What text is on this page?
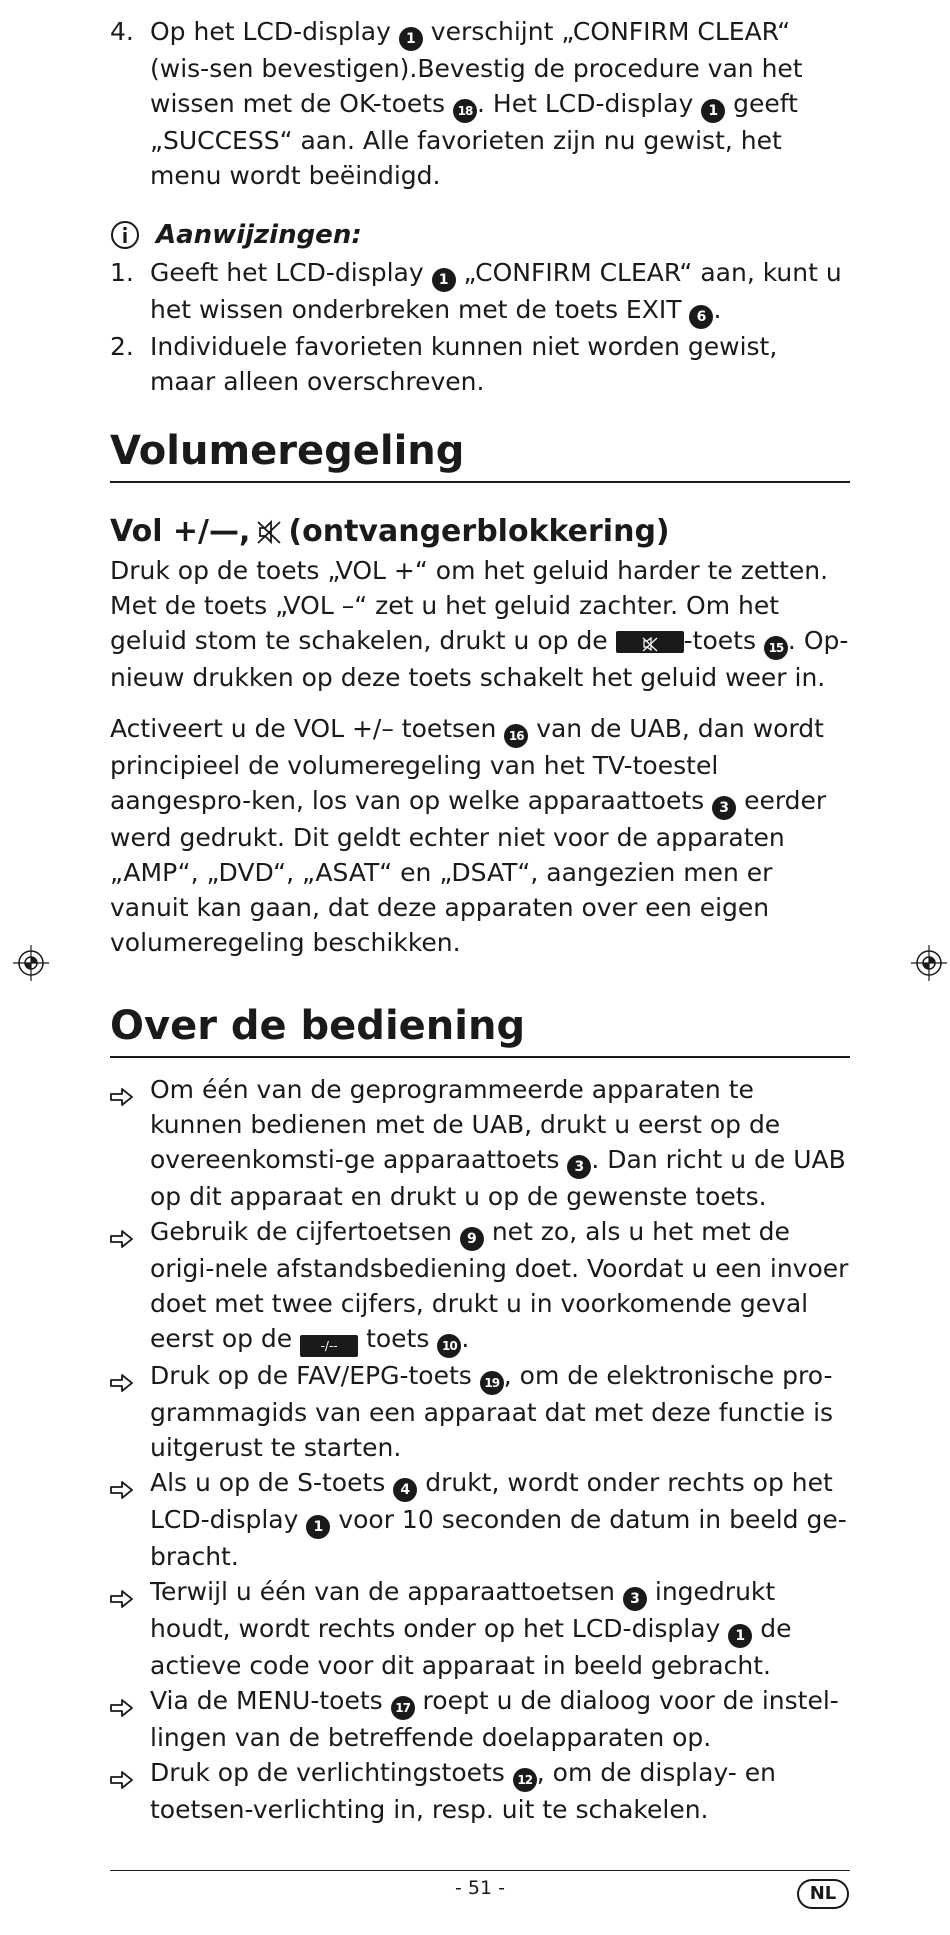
4. Op het LCD-display 1 verschijnt „CONFIRM CLEAR“ (wis-sen bevestigen).Bevestig de procedure van het wissen met de OK-toets 18 . Het LCD-display 1 geeft „SUCCESS“ aan. Alle favorieten zijn nu gewist, het menu wordt beëindigd.
Aanwijzingen:
1. Geeft het LCD-display 1 „CONFIRM CLEAR“ aan, kunt u het wissen onderbreken met de toets EXIT 6 .
2. Individuele favorieten kunnen niet worden gewist, maar alleen overschreven.
Volumeregeling
Vol +/—, (ontvangerblokkering)

Druk op de toets „VOL +“ om het geluid harder te zetten. Met de toets „VOL –“ zet u het geluid zachter. Om het geluid stom te schakelen, drukt u op de	-toets 15 . Op-nieuw drukken op deze toets schakelt het geluid weer in.

Activeert u de VOL +/– toetsen 16 van de UAB, dan wordt principieel de volumeregeling van het TV-toestel aangespro-ken, los van op welke apparaattoets 3 eerder werd gedrukt. Dit geldt echter niet voor de apparaten „AMP“, „DVD“, „ASAT“ en „DSAT“, aangezien men er vanuit kan gaan, dat deze apparaten over een eigen volumeregeling beschikken.

Over de bediening
Om één van de geprogrammeerde apparaten te kunnen bedienen met de UAB, drukt u eerst op de overeenkomsti-ge apparaattoets 3 . Dan richt u de UAB op dit apparaat en drukt u op de gewenste toets.
Gebruik de cijfertoetsen 9 net zo, als u het met de origi-nele afstandsbediening doet. Voordat u een invoer doet met twee cijfers, drukt u in voorkomende geval eerst op de -/-- toets 10 .
Druk op de FAV/EPG-toets 19 , om de elektronische pro-grammagids van een apparaat dat met deze functie is uitgerust te starten.
Als u op de S-toets 4 drukt, wordt onder rechts op het LCD-display 1 voor 10 seconden de datum in beeld ge-bracht.
Terwijl u één van de apparaattoetsen 3 ingedrukt houdt, wordt rechts onder op het LCD-display 1 de actieve code voor dit apparaat in beeld gebracht.
Via de MENU-toets 17 roept u de dialoog voor de instel-lingen van de betreffende doelapparaten op.
Druk op de verlichtingstoets 12 , om de display- en toetsen-verlichting in, resp. uit te schakelen.
- 51 -	NL
